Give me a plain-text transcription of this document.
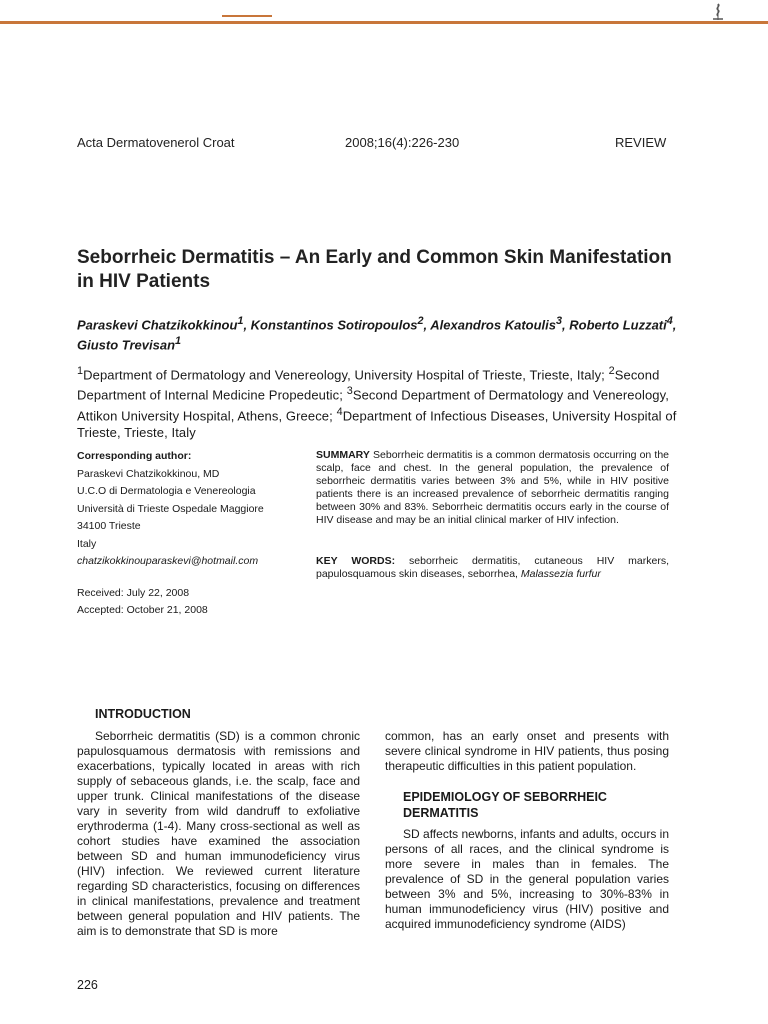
Acta Dermatovenerol Croat	2008;16(4):226-230	REVIEW
Seborrheic Dermatitis – An Early and Common Skin Manifestation in HIV Patients

Paraskevi Chatzikokkinou$^1$, Konstantinos Sotiropoulos$^2$, Alexandros Katoulis$^3$, Roberto Luzzati$^4$, Giusto Trevisan$^1$

$^1$Department of Dermatology and Venereology, University Hospital of Trieste, Trieste, Italy; $^2$Second Department of Internal Medicine Propedeutic; $^3$Second Department of Dermatology and Venereology, Attikon University Hospital, Athens, Greece; $^4$Department of Infectious Diseases, University Hospital of Trieste, Trieste, Italy

Corresponding author:
Paraskevi Chatzikokkinou, MD
U.C.O di Dermatologia e Venereologia
Università di Trieste Ospedale Maggiore
34100 Trieste
Italy
chatzikokkinouparaskevi@hotmail.com
Received: July 22, 2008
Accepted: October 21, 2008

SUMMARY Seborrheic dermatitis is a common dermatosis occurring on the scalp, face and chest. In the general population, the prevalence of seborrheic dermatitis varies between 3% and 5%, while in HIV positive patients there is an increased prevalence of seborrheic dermatitis ranging between 30% and 83%. Seborrheic dermatitis occurs early in the course of HIV disease and may be an initial clinical marker of HIV infection.

KEY WORDS: seborrheic dermatitis, cutaneous HIV markers, papulosquamous skin diseases, seborrhea, Malassezia furfur

INTRODUCTION

Seborrheic dermatitis (SD) is a common chronic papulosquamous dermatosis with remissions and exacerbations, typically located in areas with rich supply of sebaceous glands, i.e. the scalp, face and upper trunk. Clinical manifestations of the disease vary in severity from wild dandruff to exfoliative erythroderma (1-4). Many cross-sectional as well as cohort studies have examined the association between SD and human immunodeficiency virus (HIV) infection. We reviewed current literature regarding SD characteristics, focusing on differences in clinical manifestations, prevalence and treatment between general population and HIV patients. The aim is to demonstrate that SD is more

common, has an early onset and presents with severe clinical syndrome in HIV patients, thus posing therapeutic difficulties in this patient population.

EPIDEMIOLOGY OF SEBORRHEIC DERMATITIS

SD affects newborns, infants and adults, occurs in persons of all races, and the clinical syndrome is more severe in males than in females. The prevalence of SD in the general population varies between 3% and 5%, increasing to 30%-83% in human immunodeficiency virus (HIV) positive and acquired immunodeficiency syndrome (AIDS)

226
